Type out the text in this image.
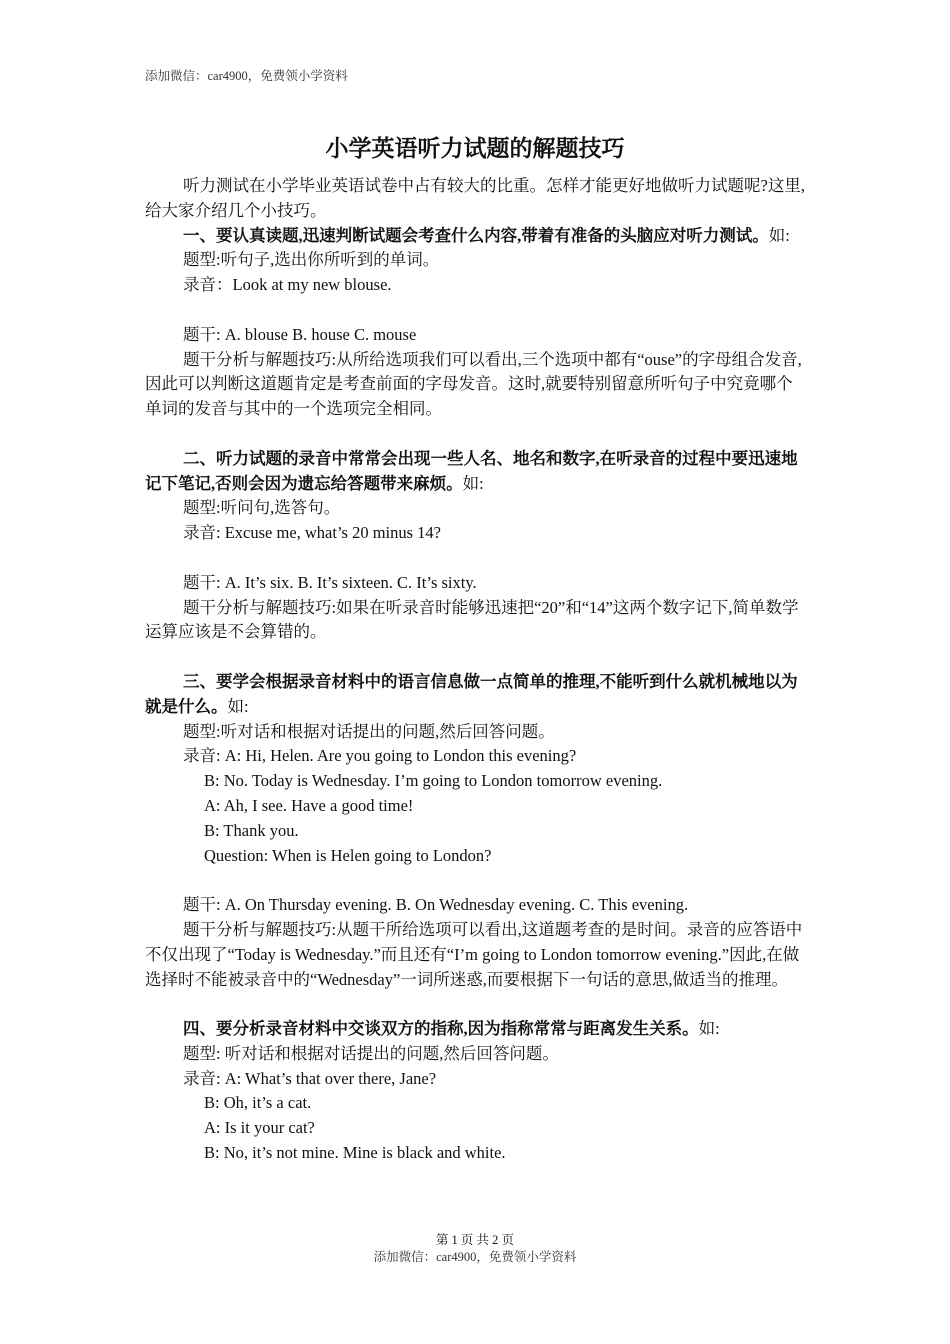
添加微信：car4900，免费领小学资料
小学英语听力试题的解题技巧

听力测试在小学毕业英语试卷中占有较大的比重。怎样才能更好地做听力试题呢?这里,给大家介绍几个小技巧。

一、要认真读题,迅速判断试题会考查什么内容,带着有准备的头脑应对听力测试。如:

题型:听句子,选出你所听到的单词。

录音：Look at my new blouse.

题干: A. blouse B. house C. mouse

题干分析与解题技巧:从所给选项我们可以看出,三个选项中都有“ouse”的字母组合发音,因此可以判断这道题肯定是考查前面的字母发音。这时,就要特别留意所听句子中究竟哪个单词的发音与其中的一个选项完全相同。

二、听力试题的录音中常常会出现一些人名、地名和数字,在听录音的过程中要迅速地记下笔记,否则会因为遗忘给答题带来麻烦。如:

题型:听问句,选答句。

录音: Excuse me, what’s 20 minus 14?

题干: A. It’s six. B. It’s sixteen. C. It’s sixty.

题干分析与解题技巧:如果在听录音时能够迅速把“20”和“14”这两个数字记下,简单数学运算应该是不会算错的。

三、要学会根据录音材料中的语言信息做一点简单的推理,不能听到什么就机械地以为就是什么。如:

题型:听对话和根据对话提出的问题,然后回答问题。

录音: A: Hi, Helen. Are you going to London this evening?

B: No. Today is Wednesday. I’m going to London tomorrow evening.

A: Ah, I see. Have a good time!

B: Thank you.

Question: When is Helen going to London?

题干: A. On Thursday evening. B. On Wednesday evening. C. This evening.

题干分析与解题技巧:从题干所给选项可以看出,这道题考查的是时间。录音的应答语中不仅出现了“Today is Wednesday.”而且还有“I’m going to London tomorrow evening.”因此,在做选择时不能被录音中的“Wednesday”一词所迷惑,而要根据下一句话的意思,做适当的推理。

四、要分析录音材料中交谈双方的指称,因为指称常常与距离发生关系。如:

题型: 听对话和根据对话提出的问题,然后回答问题。

录音: A: What’s that over there, Jane?

B: Oh, it’s a cat.

A: Is it your cat?

B: No, it’s not mine. Mine is black and white.

第 1 页 共 2 页
添加微信：car4900，免费领小学资料
